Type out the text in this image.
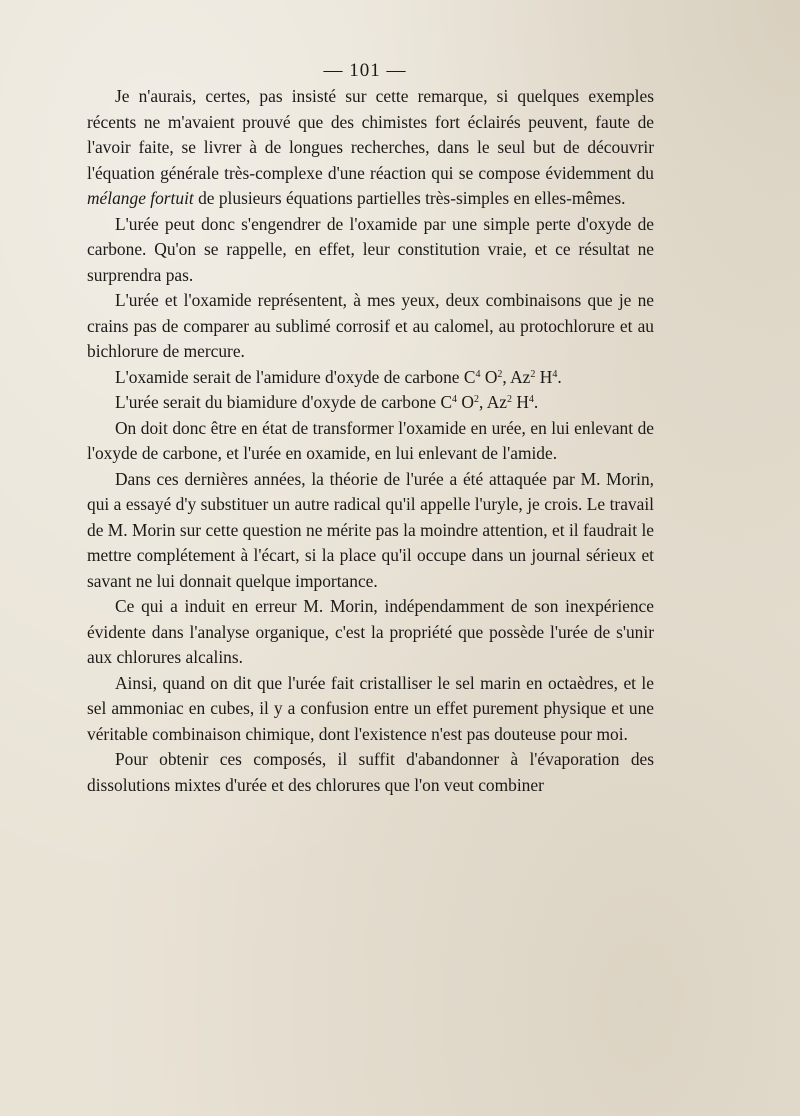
— 101 —

Je n'aurais, certes, pas insisté sur cette remarque, si quelques exemples récents ne m'avaient prouvé que des chimistes fort éclairés peuvent, faute de l'avoir faite, se livrer à de longues recherches, dans le seul but de découvrir l'équation générale très-complexe d'une réaction qui se compose évidemment du mélange fortuit de plusieurs équations partielles très-simples en elles-mêmes.

L'urée peut donc s'engendrer de l'oxamide par une simple perte d'oxyde de carbone. Qu'on se rappelle, en effet, leur constitution vraie, et ce résultat ne surprendra pas.

L'urée et l'oxamide représentent, à mes yeux, deux combinaisons que je ne crains pas de comparer au sublimé corrosif et au calomel, au protochlorure et au bichlorure de mercure.

L'oxamide serait de l'amidure d'oxyde de carbone $C^4$ $O^2$, Az$^2$ $H^4$.

L'urée serait du biamidure d'oxyde de carbone $C^4$ $O^2$, Az$^2$ $H^4$.

On doit donc être en état de transformer l'oxamide en urée, en lui enlevant de l'oxyde de carbone, et l'urée en oxamide, en lui enlevant de l'amide.

Dans ces dernières années, la théorie de l'urée a été attaquée par M. Morin, qui a essayé d'y substituer un autre radical qu'il appelle l'uryle, je crois. Le travail de M. Morin sur cette question ne mérite pas la moindre attention, et il faudrait le mettre complétement à l'écart, si la place qu'il occupe dans un journal sérieux et savant ne lui donnait quelque importance.

Ce qui a induit en erreur M. Morin, indépendamment de son inexpérience évidente dans l'analyse organique, c'est la propriété que possède l'urée de s'unir aux chlorures alcalins.

Ainsi, quand on dit que l'urée fait cristalliser le sel marin en octaèdres, et le sel ammoniac en cubes, il y a confusion entre un effet purement physique et une véritable combinaison chimique, dont l'existence n'est pas douteuse pour moi.

Pour obtenir ces composés, il suffit d'abandonner à l'évaporation des dissolutions mixtes d'urée et des chlorures que l'on veut combiner
